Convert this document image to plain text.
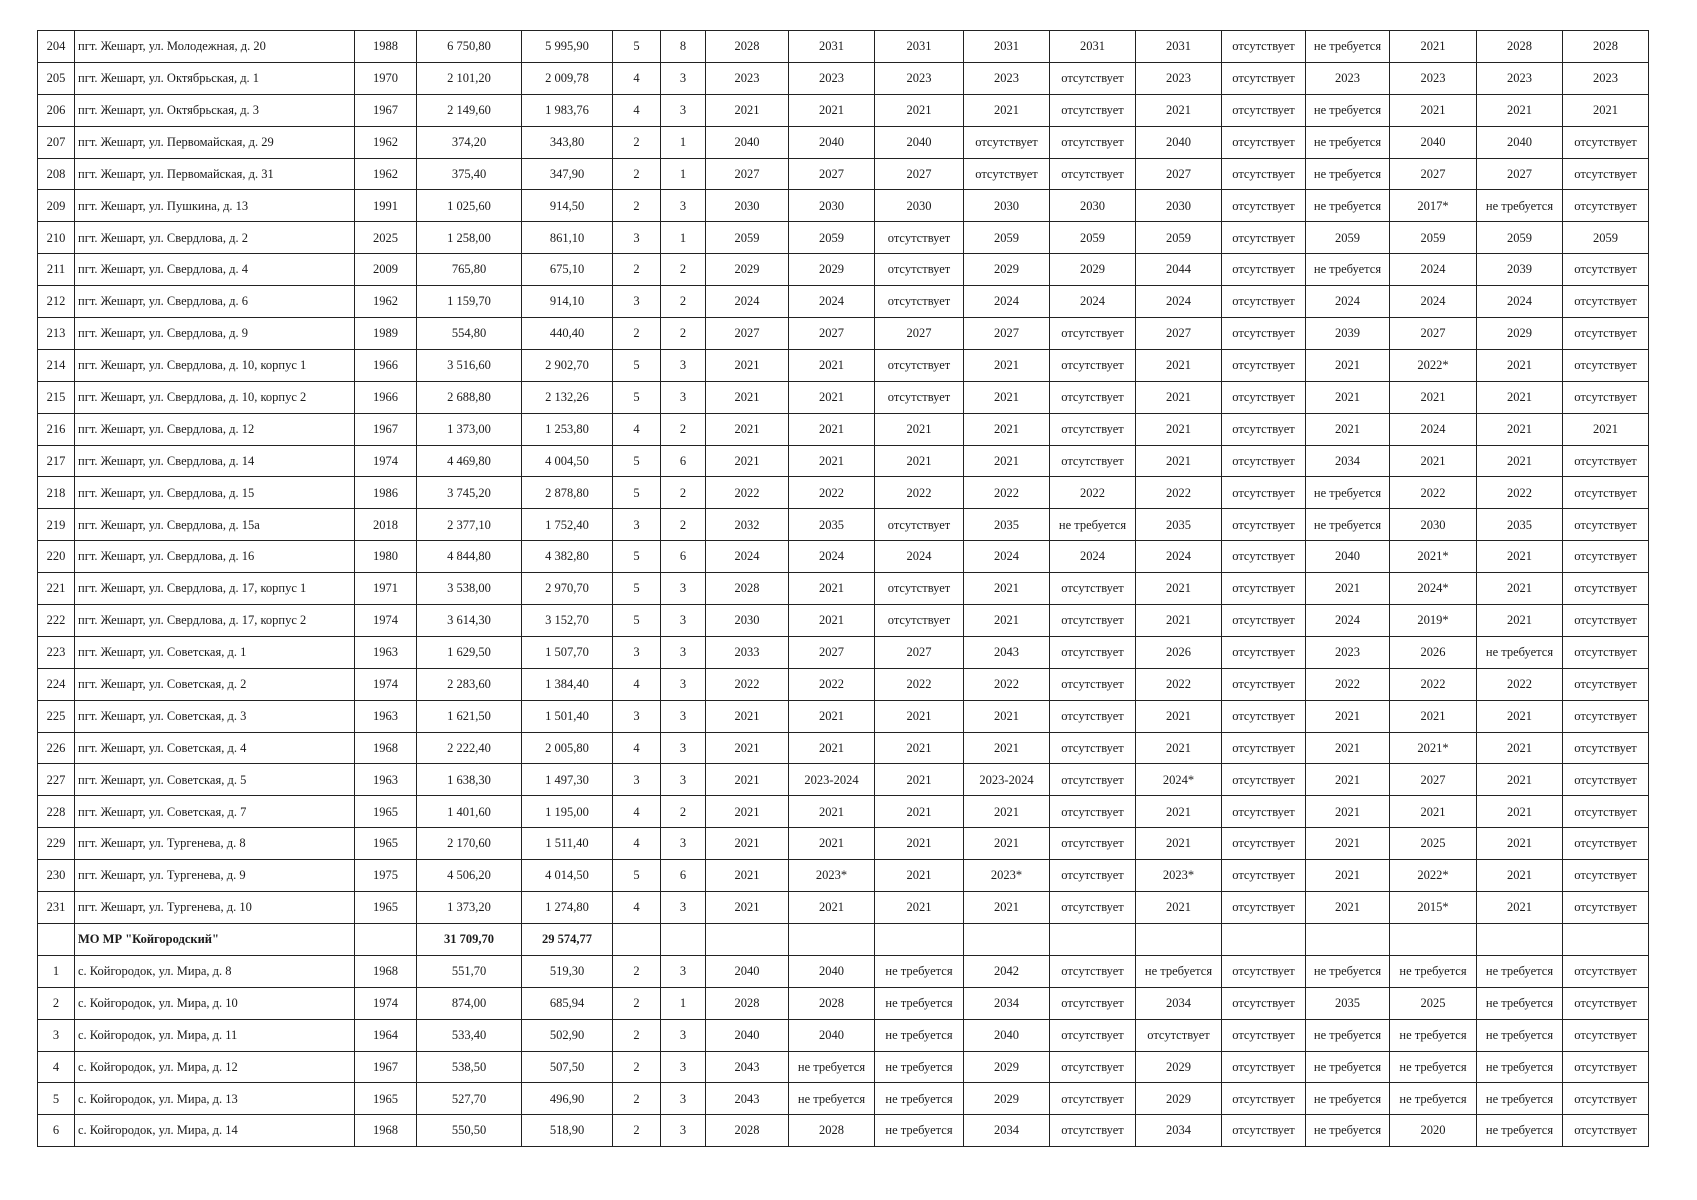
204	пгт. Жешарт, ул. Молодежная, д. 20	1988	6 750,80	5 995,90	5	8	2028	2031	2031	2031	2031	2031	отсутствует	не требуется	2021	2028	2028
205	пгт. Жешарт, ул. Октябрьская, д. 1	1970	2 101,20	2 009,78	4	3	2023	2023	2023	2023	отсутствует	2023	отсутствует	2023	2023	2023	2023
206	пгт. Жешарт, ул. Октябрьская, д. 3	1967	2 149,60	1 983,76	4	3	2021	2021	2021	2021	отсутствует	2021	отсутствует	не требуется	2021	2021	2021
207	пгт. Жешарт, ул. Первомайская, д. 29	1962	374,20	343,80	2	1	2040	2040	2040	отсутствует	отсутствует	2040	отсутствует	не требуется	2040	2040	отсутствует
208	пгт. Жешарт, ул. Первомайская, д. 31	1962	375,40	347,90	2	1	2027	2027	2027	отсутствует	отсутствует	2027	отсутствует	не требуется	2027	2027	отсутствует
209	пгт. Жешарт, ул. Пушкина, д. 13	1991	1 025,60	914,50	2	3	2030	2030	2030	2030	2030	2030	отсутствует	не требуется	2017*	не требуется	отсутствует
210	пгт. Жешарт, ул. Свердлова, д. 2	2025	1 258,00	861,10	3	1	2059	2059	отсутствует	2059	2059	2059	отсутствует	2059	2059	2059	2059
211	пгт. Жешарт, ул. Свердлова, д. 4	2009	765,80	675,10	2	2	2029	2029	отсутствует	2029	2029	2044	отсутствует	не требуется	2024	2039	отсутствует
212	пгт. Жешарт, ул. Свердлова, д. 6	1962	1 159,70	914,10	3	2	2024	2024	отсутствует	2024	2024	2024	отсутствует	2024	2024	2024	отсутствует
213	пгт. Жешарт, ул. Свердлова, д. 9	1989	554,80	440,40	2	2	2027	2027	2027	2027	отсутствует	2027	отсутствует	2039	2027	2029	отсутствует
214	пгт. Жешарт, ул. Свердлова, д. 10, корпус 1	1966	3 516,60	2 902,70	5	3	2021	2021	отсутствует	2021	отсутствует	2021	отсутствует	2021	2022*	2021	отсутствует
215	пгт. Жешарт, ул. Свердлова, д. 10, корпус 2	1966	2 688,80	2 132,26	5	3	2021	2021	отсутствует	2021	отсутствует	2021	отсутствует	2021	2021	2021	отсутствует
216	пгт. Жешарт, ул. Свердлова, д. 12	1967	1 373,00	1 253,80	4	2	2021	2021	2021	2021	отсутствует	2021	отсутствует	2021	2024	2021	2021
217	пгт. Жешарт, ул. Свердлова, д. 14	1974	4 469,80	4 004,50	5	6	2021	2021	2021	2021	отсутствует	2021	отсутствует	2034	2021	2021	отсутствует
218	пгт. Жешарт, ул. Свердлова, д. 15	1986	3 745,20	2 878,80	5	2	2022	2022	2022	2022	2022	2022	отсутствует	не требуется	2022	2022	отсутствует
219	пгт. Жешарт, ул. Свердлова, д. 15а	2018	2 377,10	1 752,40	3	2	2032	2035	отсутствует	2035	не требуется	2035	отсутствует	не требуется	2030	2035	отсутствует
220	пгт. Жешарт, ул. Свердлова, д. 16	1980	4 844,80	4 382,80	5	6	2024	2024	2024	2024	2024	2024	отсутствует	2040	2021*	2021	отсутствует
221	пгт. Жешарт, ул. Свердлова, д. 17, корпус 1	1971	3 538,00	2 970,70	5	3	2028	2021	отсутствует	2021	отсутствует	2021	отсутствует	2021	2024*	2021	отсутствует
222	пгт. Жешарт, ул. Свердлова, д. 17, корпус 2	1974	3 614,30	3 152,70	5	3	2030	2021	отсутствует	2021	отсутствует	2021	отсутствует	2024	2019*	2021	отсутствует
223	пгт. Жешарт, ул. Советская, д. 1	1963	1 629,50	1 507,70	3	3	2033	2027	2027	2043	отсутствует	2026	отсутствует	2023	2026	не требуется	отсутствует
224	пгт. Жешарт, ул. Советская, д. 2	1974	2 283,60	1 384,40	4	3	2022	2022	2022	2022	отсутствует	2022	отсутствует	2022	2022	2022	отсутствует
225	пгт. Жешарт, ул. Советская, д. 3	1963	1 621,50	1 501,40	3	3	2021	2021	2021	2021	отсутствует	2021	отсутствует	2021	2021	2021	отсутствует
226	пгт. Жешарт, ул. Советская, д. 4	1968	2 222,40	2 005,80	4	3	2021	2021	2021	2021	отсутствует	2021	отсутствует	2021	2021*	2021	отсутствует
227	пгт. Жешарт, ул. Советская, д. 5	1963	1 638,30	1 497,30	3	3	2021	2023-2024	2021	2023-2024	отсутствует	2024*	отсутствует	2021	2027	2021	отсутствует
228	пгт. Жешарт, ул. Советская, д. 7	1965	1 401,60	1 195,00	4	2	2021	2021	2021	2021	отсутствует	2021	отсутствует	2021	2021	2021	отсутствует
229	пгт. Жешарт, ул. Тургенева, д. 8	1965	2 170,60	1 511,40	4	3	2021	2021	2021	2021	отсутствует	2021	отсутствует	2021	2025	2021	отсутствует
230	пгт. Жешарт, ул. Тургенева, д. 9	1975	4 506,20	4 014,50	5	6	2021	2023*	2021	2023*	отсутствует	2023*	отсутствует	2021	2022*	2021	отсутствует
231	пгт. Жешарт, ул. Тургенева, д. 10	1965	1 373,20	1 274,80	4	3	2021	2021	2021	2021	отсутствует	2021	отсутствует	2021	2015*	2021	отсутствует
	МО МР "Койгородский"		31 709,70	29 574,77													
1	с. Койгородок, ул. Мира, д. 8	1968	551,70	519,30	2	3	2040	2040	не требуется	2042	отсутствует	не требуется	отсутствует	не требуется	не требуется	не требуется	отсутствует
2	с. Койгородок, ул. Мира, д. 10	1974	874,00	685,94	2	1	2028	2028	не требуется	2034	отсутствует	2034	отсутствует	2035	2025	не требуется	отсутствует
3	с. Койгородок, ул. Мира, д. 11	1964	533,40	502,90	2	3	2040	2040	не требуется	2040	отсутствует	отсутствует	отсутствует	не требуется	не требуется	не требуется	отсутствует
4	с. Койгородок, ул. Мира, д. 12	1967	538,50	507,50	2	3	2043	не требуется	не требуется	2029	отсутствует	2029	отсутствует	не требуется	не требуется	не требуется	отсутствует
5	с. Койгородок, ул. Мира, д. 13	1965	527,70	496,90	2	3	2043	не требуется	не требуется	2029	отсутствует	2029	отсутствует	не требуется	не требуется	не требуется	отсутствует
6	с. Койгородок, ул. Мира, д. 14	1968	550,50	518,90	2	3	2028	2028	не требуется	2034	отсутствует	2034	отсутствует	не требуется	2020	не требуется	отсутствует
